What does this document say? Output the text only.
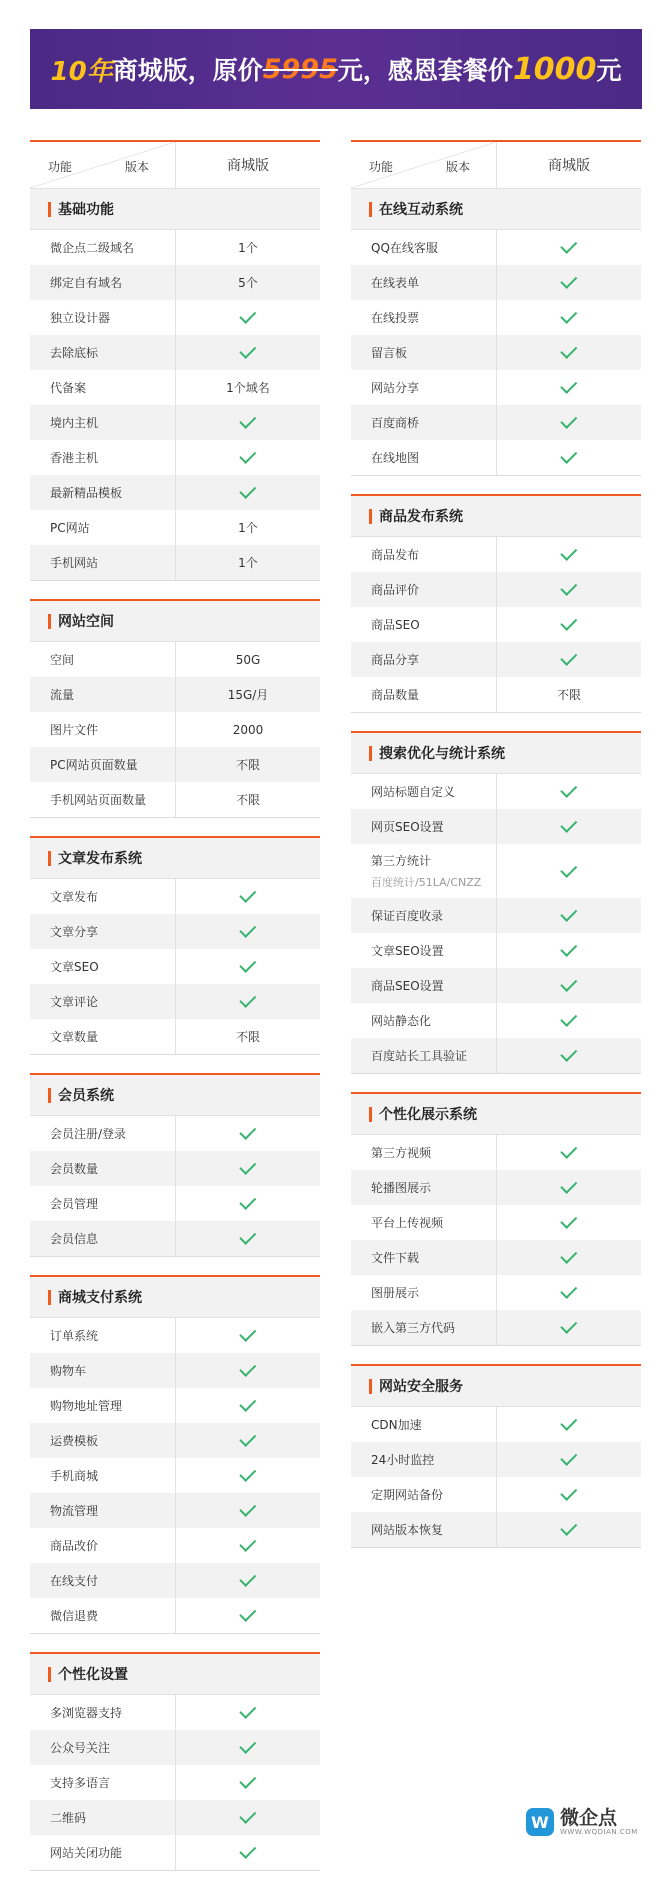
10年 商城版，原价 5995 元 ，感恩套餐价 1000 元
功能	版本	商城版
基础功能
微企点二级域名	1个
绑定自有域名	5个
独立设计器
去除底标
代备案	1个域名
境内主机
香港主机
最新精品模板
PC网站	1个
手机网站	1个
网站空间
空间	50G
流量	15G/月
图片文件	2000
PC网站页面数量	不限
手机网站页面数量	不限
文章发布系统
文章发布
文章分享
文章SEO
文章评论
文章数量	不限
会员系统
会员注册/登录
会员数量
会员管理
会员信息
商城支付系统
订单系统
购物车
购物地址管理
运费模板
手机商城
物流管理
商品改价
在线支付
微信退费
个性化设置
多浏览器支持
公众号关注
支持多语言
二维码
网站关闭功能
功能	版本	商城版
在线互动系统
QQ在线客服
在线表单
在线投票
留言板
网站分享
百度商桥
在线地图
商品发布系统
商品发布
商品评价
商品SEO
商品分享
商品数量	不限
搜索优化与统计系统
网站标题自定义
网页SEO设置
第三方统计
百度统计/51LA/CNZZ
保证百度收录
文章SEO设置
商品SEO设置
网站静态化
百度站长工具验证
个性化展示系统
第三方视频
轮播图展示
平台上传视频
文件下载
图册展示
嵌入第三方代码
网站安全服务
CDN加速
24小时监控
定期网站备份
网站版本恢复
W 微企点
WWW.WQDIAN.COM
